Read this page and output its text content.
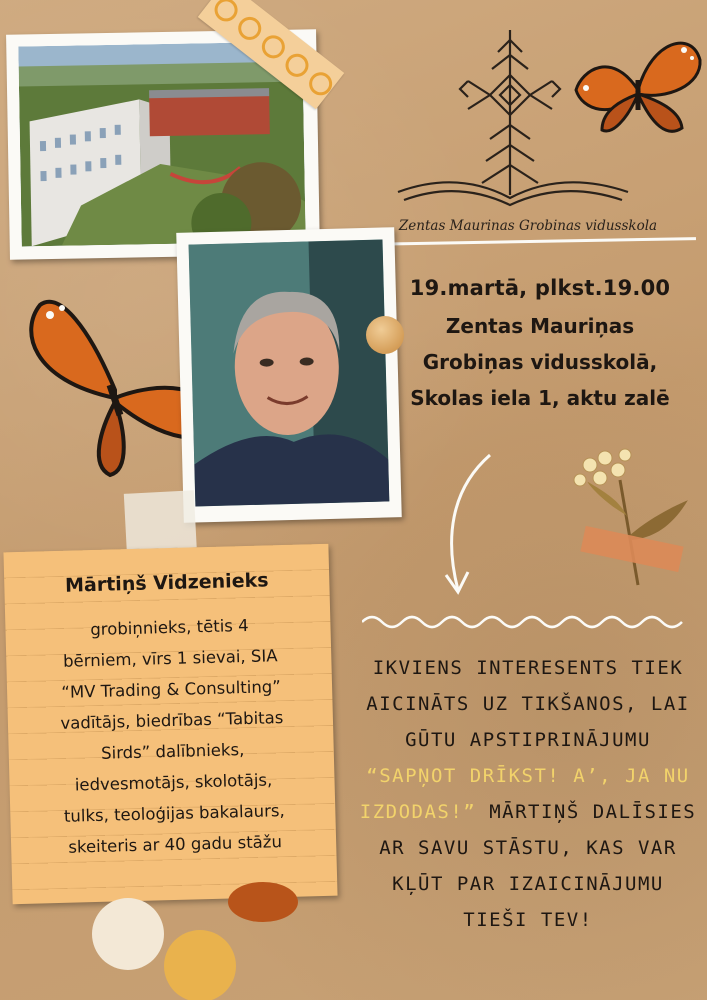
Zentas Maurinas Grobinas vidusskola
19.martā, plkst.19.00
Zentas Mauriņas
Grobiņas vidusskolā,
Skolas iela 1, aktu zalē
Mārtiņš Vidzenieks
grobiņnieks, tētis 4
bērniem, vīrs 1 sievai, SIA
“MV Trading & Consulting”
vadītājs, biedrības “Tabitas
Sirds” dalībnieks,
iedvesmotājs, skolotājs,
tulks, teoloģijas bakalaurs,
skeiteris ar 40 gadu stāžu
IKVIENS INTERESENTS TIEK AICINĀTS UZ TIKŠANOS, LAI GŪTU APSTIPRINĀJUMU “SAPŅOT DRĪKST! A’, JA NU IZDODAS!” MĀRTIŅŠ DALĪSIES AR SAVU STĀSTU, KAS VAR KĻŪT PAR IZAICINĀJUMU TIEŠI TEV!
